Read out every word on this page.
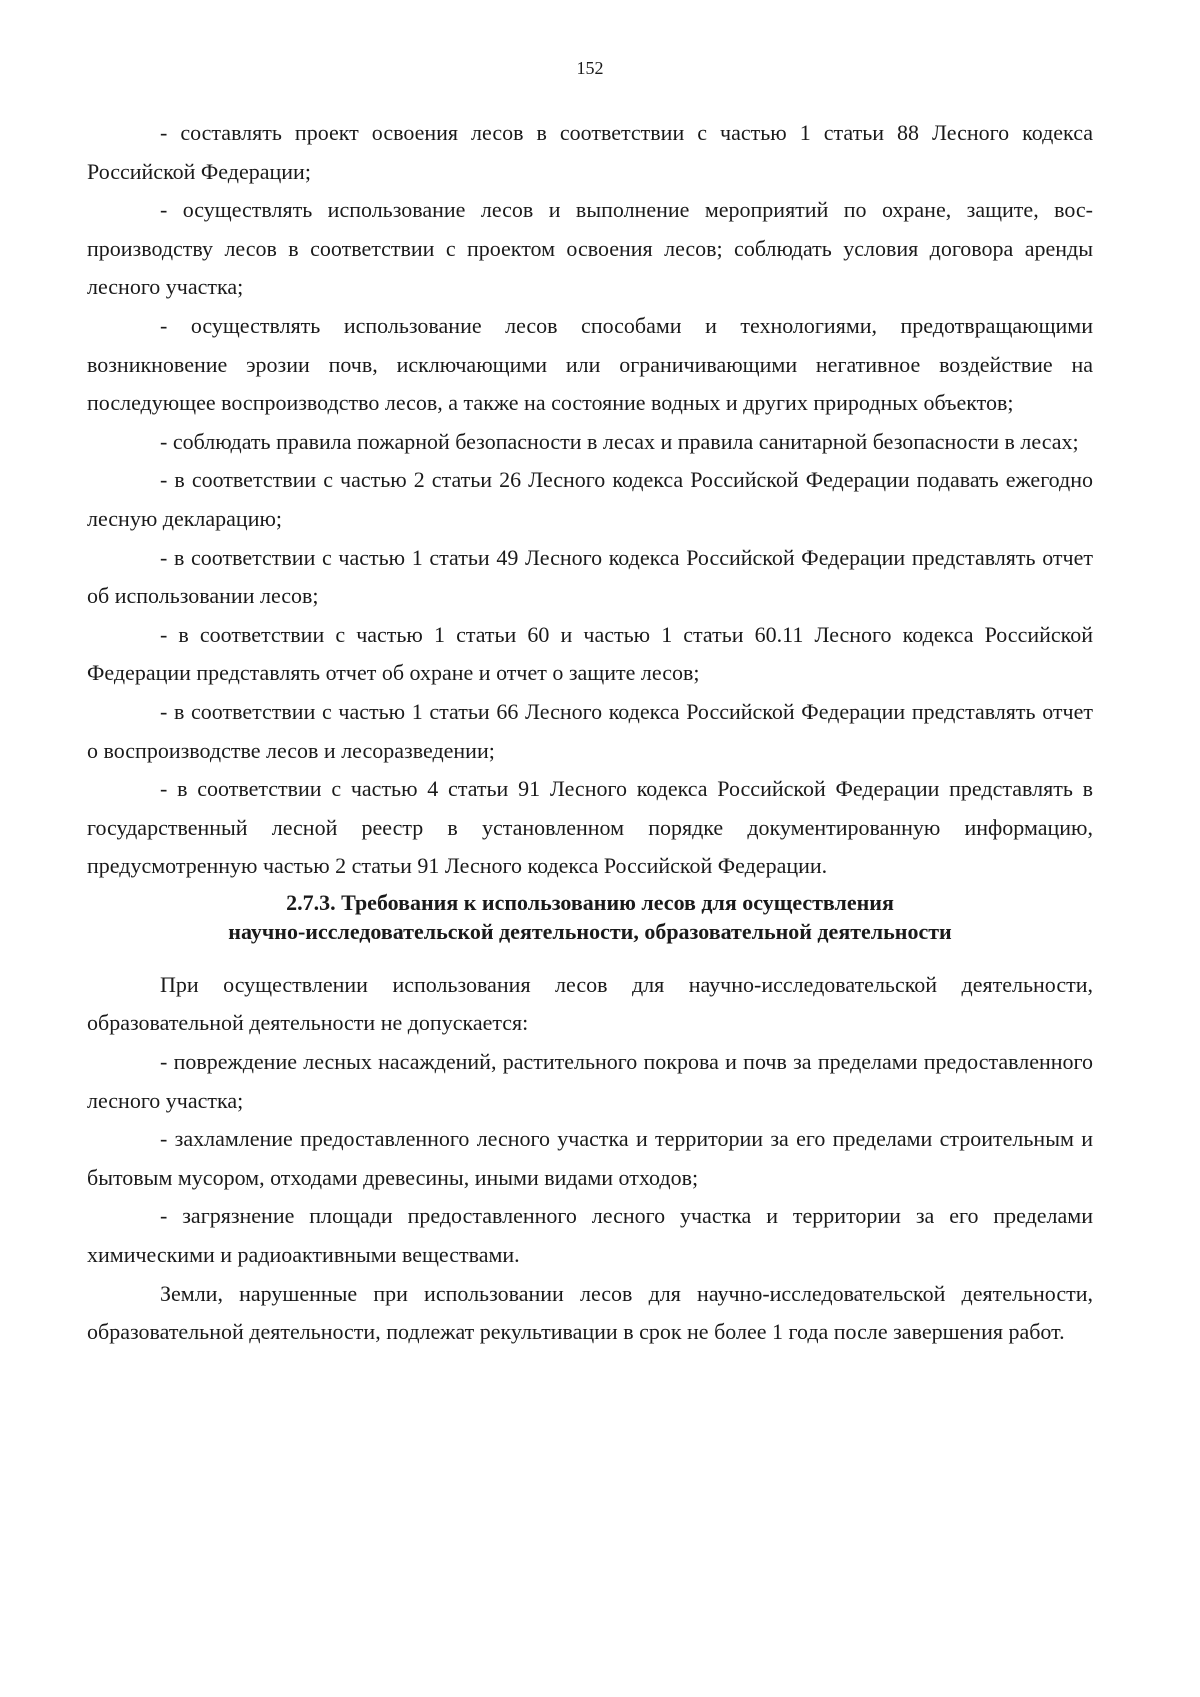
152

- составлять проект освоения лесов в соответствии с частью 1 статьи 88 Лесного кодекса Российской Федерации;

- осуществлять использование лесов и выполнение мероприятий по охране, защите, воспроизводству лесов в соответствии с проектом освоения лесов; соблюдать условия договора аренды лесного участка;

- осуществлять использование лесов способами и технологиями, предотвращающими возникновение эрозии почв, исключающими или ограничивающими негативное воздействие на последующее воспроизводство лесов, а также на состояние водных и других природных объектов;

- соблюдать правила пожарной безопасности в лесах и правила санитарной безопасности в лесах;

- в соответствии с частью 2 статьи 26 Лесного кодекса Российской Федерации подавать ежегодно лесную декларацию;

- в соответствии с частью 1 статьи 49 Лесного кодекса Российской Федерации представлять отчет об использовании лесов;

- в соответствии с частью 1 статьи 60 и частью 1 статьи 60.11 Лесного кодекса Российской Федерации представлять отчет об охране и отчет о защите лесов;

- в соответствии с частью 1 статьи 66 Лесного кодекса Российской Федерации представлять отчет о воспроизводстве лесов и лесоразведении;

- в соответствии с частью 4 статьи 91 Лесного кодекса Российской Федерации представлять в государственный лесной реестр в установленном порядке документированную информацию, предусмотренную частью 2 статьи 91 Лесного кодекса Российской Федерации.

2.7.3. Требования к использованию лесов для осуществления
научно-исследовательской деятельности, образовательной деятельности

При осуществлении использования лесов для научно-исследовательской деятельности, образовательной деятельности не допускается:

- повреждение лесных насаждений, растительного покрова и почв за пределами предоставленного лесного участка;

- захламление предоставленного лесного участка и территории за его пределами строительным и бытовым мусором, отходами древесины, иными видами отходов;

- загрязнение площади предоставленного лесного участка и территории за его пределами химическими и радиоактивными веществами.

Земли, нарушенные при использовании лесов для научно-исследовательской деятельности, образовательной деятельности, подлежат рекультивации в срок не более 1 года после завершения работ.
